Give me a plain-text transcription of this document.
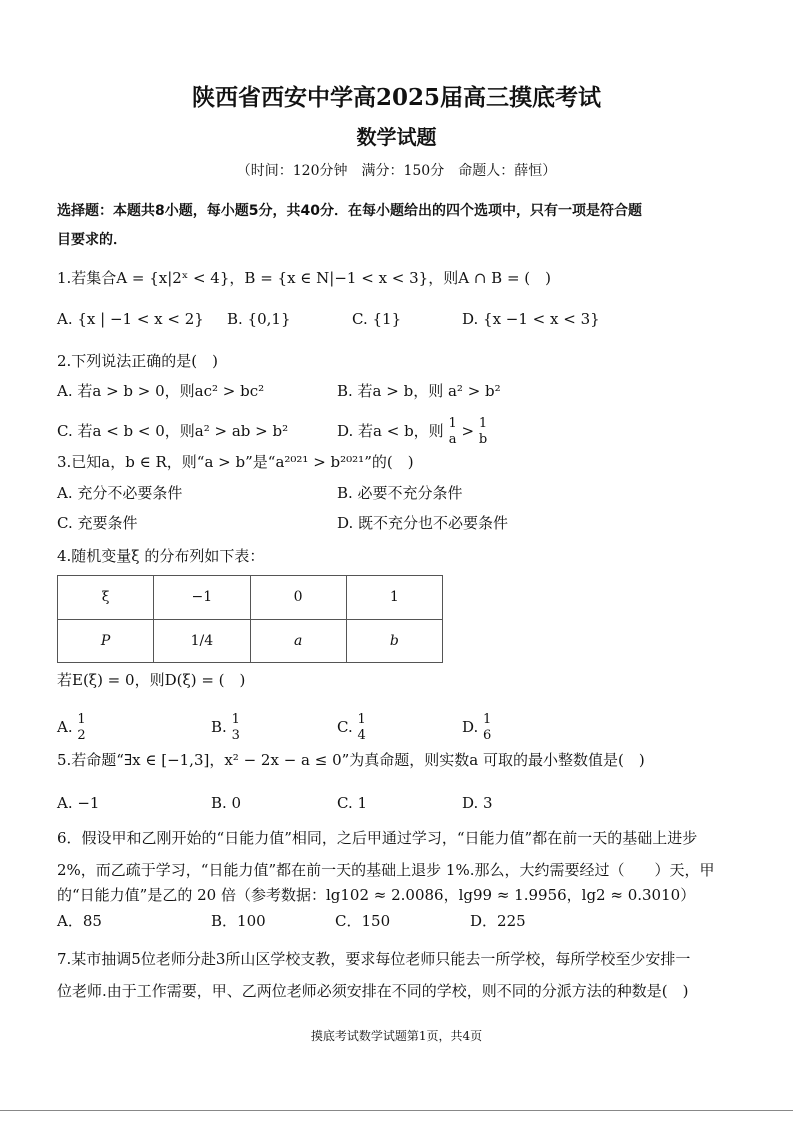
陕西省西安中学高2025届高三摸底考试
数学试题
（时间：120分钟　满分：150分　命题人：薛恒）
选择题：本题共8小题，每小题5分，共40分．在每小题给出的四个选项中，只有一项是符合题
目要求的．
1.若集合A = {x|2ˣ < 4}，B = {x ∈ N|−1 < x < 3}，则A ∩ B = (　)
A. {x | −1 < x < 2} B. {0,1}	C. {1}	D. {x −1 < x < 3}
2.下列说法正确的是(　)
A. 若a > b > 0，则ac² > bc²	B. 若a > b，则 a² > b²
C. 若a < b < 0，则a² > ab > b²	D. 若a < b，则 1
a > 1
b
3.已知a，b ∈ R，则“a > b”是“a²⁰²¹ > b²⁰²¹”的(　)
A. 充分不必要条件	B. 必要不充分条件
C. 充要条件	D. 既不充分也不必要条件
4.随机变量ξ 的分布列如下表：
ξ	−1	0	1
P	1/4	a	b
若E(ξ) = 0，则D(ξ) = (　)
A. 1
2	B. 1
3	C. 1
4	D. 1
6
5.若命题“∃x ∈ [−1,3]，x² − 2x − a ≤ 0”为真命题，则实数a 可取的最小整数值是(　)
A. −1	B. 0	C. 1	D. 3
6．假设甲和乙刚开始的“日能力值”相同，之后甲通过学习，“日能力值”都在前一天的基础上进步
2%，而乙疏于学习，“日能力值”都在前一天的基础上退步 1%.那么，大约需要经过（　　）天，甲
的“日能力值”是乙的 20 倍（参考数据：lg102 ≈ 2.0086，lg99 ≈ 1.9956，lg2 ≈ 0.3010）
A．85	B．100	C．150	D．225
7.某市抽调5位老师分赴3所山区学校支教，要求每位老师只能去一所学校，每所学校至少安排一
位老师.由于工作需要，甲、乙两位老师必须安排在不同的学校，则不同的分派方法的种数是(　)
摸底考试数学试题第1页，共4页
